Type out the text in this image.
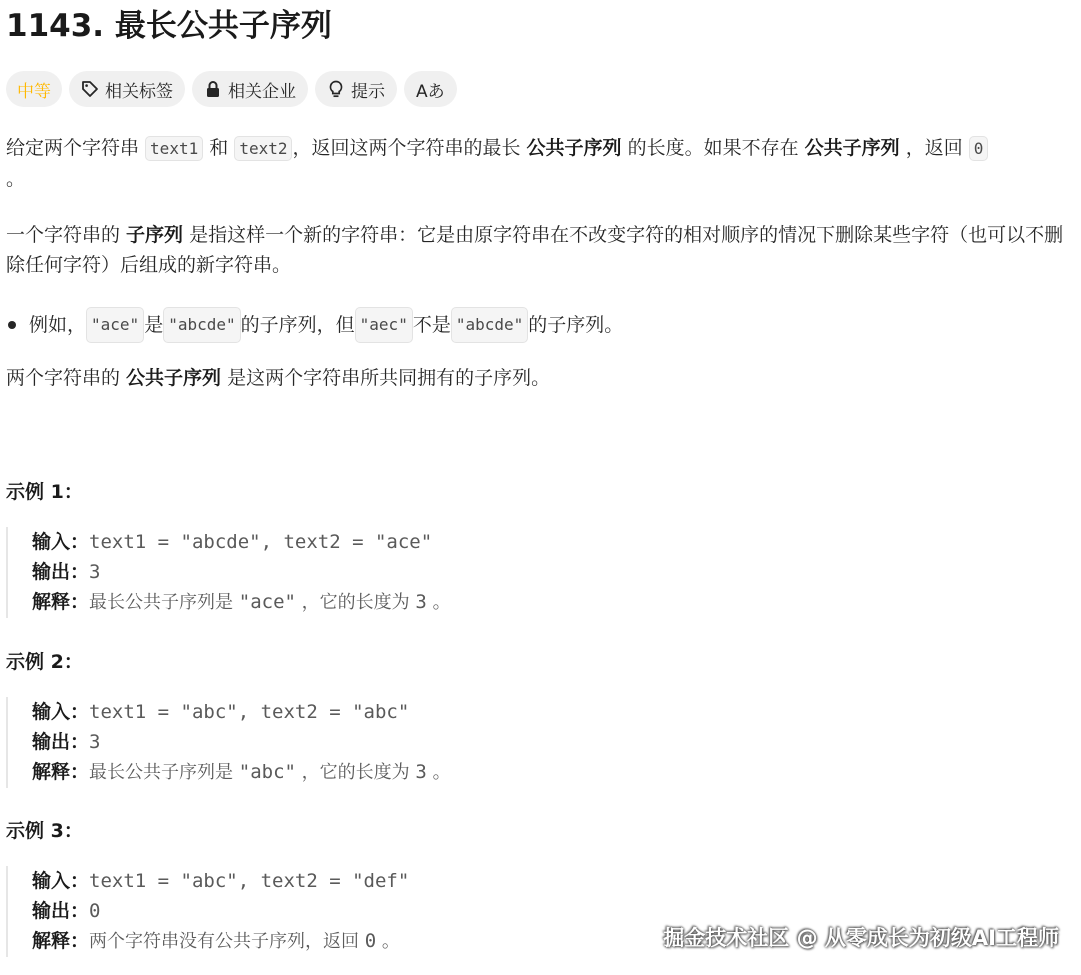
1143. 最长公共子序列
中等	相关标签	相关企业	提示 Aあ
给定两个字符串 text1 和 text2 ，返回这两个字符串的最长 公共子序列 的长度。如果不存在 公共子序列 ，返回 0
。
一个字符串的 子序列 是指这样一个新的字符串：它是由原字符串在不改变字符的相对顺序的情况下删除某些字符（也可以不删除任何字符）后组成的新字符串。
例如， "ace" 是 "abcde" 的子序列，但 "aec" 不是 "abcde" 的子序列。
两个字符串的 公共子序列 是这两个字符串所共同拥有的子序列。
示例 1：
输入：text1 = "abcde", text2 = "ace"
输出：3
解释：最长公共子序列是 "ace" ，它的长度为 3 。
示例 2：
输入：text1 = "abc", text2 = "abc"
输出：3
解释：最长公共子序列是 "abc" ，它的长度为 3 。
示例 3：
输入：text1 = "abc", text2 = "def"
输出：0
解释：两个字符串没有公共子序列，返回 0 。	掘金技术社区 @ 从零成长为初级AI工程师
